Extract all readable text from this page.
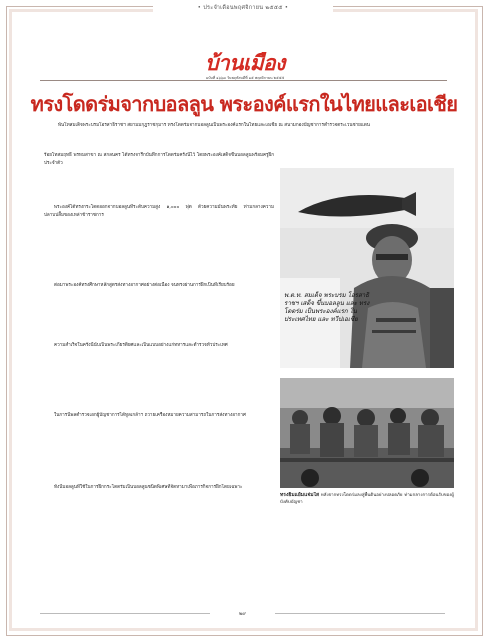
• ประจำเดือนพฤศจิกายน ๒๕๕๕ •
บ้านเมือง
ฉบับที่ ๑๖๖๗ วันพฤหัสบดีที่ ๑๕ พฤศจิกายน ๒๕๕๕
ทรงโดดร่มจากบอลลูน พระองค์แรกในไทยและเอเชีย
พันโทสมเด็จพระบรมโอรสาธิราชฯ สยามมกุฎราชกุมาร ทรงโดดร่มจากบอลลูนเป็นพระองค์แรกในไทยและเอเชีย ณ สนามกองบัญชาการตำรวจตระเวนชายแดน
ร้อยโทสมฤทธิ์ พรหมสาขา ณ สกลนคร ได้ทรงจารึกบันทึกการโดดร่มครั้งนี้ไว้ โดยพระองค์เสด็จขึ้นบอลลูนพร้อมครูฝึกประจำตัว
พระองค์ได้ทรงกระโดดออกจากบอลลูนที่ระดับความสูง ๑,๐๐๐ ฟุต ด้วยความมั่นพระทัย ท่ามกลางความปลาบปลื้มของเหล่าข้าราชการ
ต่อมาพระองค์ทรงศึกษาหลักสูตรส่งทางอากาศอย่างต่อเนื่อง จนทรงผ่านการฝึกเป็นที่เรียบร้อย
ความสำเร็จในครั้งนี้นับเป็นพระเกียรติยศและเป็นแบบอย่างแก่ทหารและตำรวจทั่วประเทศ
ในการนี้พลตำรวจเอกผู้บัญชาการได้ทูลเกล้าฯ ถวายเครื่องหมายความสามารถในการส่งทางอากาศ
ทั้งนี้บอลลูนที่ใช้ในการฝึกกระโดดร่มเป็นบอลลูนชนิดพิเศษที่จัดหามาเพื่อภารกิจการฝึกโดยเฉพาะ
พ.ต.ท. สมเด็จ พระบรม โอรสาธิราชฯ เสด็จ ขึ้นบอลลูน และ ทรงโดดร่ม เป็นพระองค์แรก ในประเทศไทย และ ทวีปเอเชีย
ทรงยิ้มแย้มแจ่มใส หลังจากทรงโดดร่มลงสู่พื้นดินอย่างปลอดภัย ท่ามกลางการต้อนรับของผู้บังคับบัญชา
๒๙
